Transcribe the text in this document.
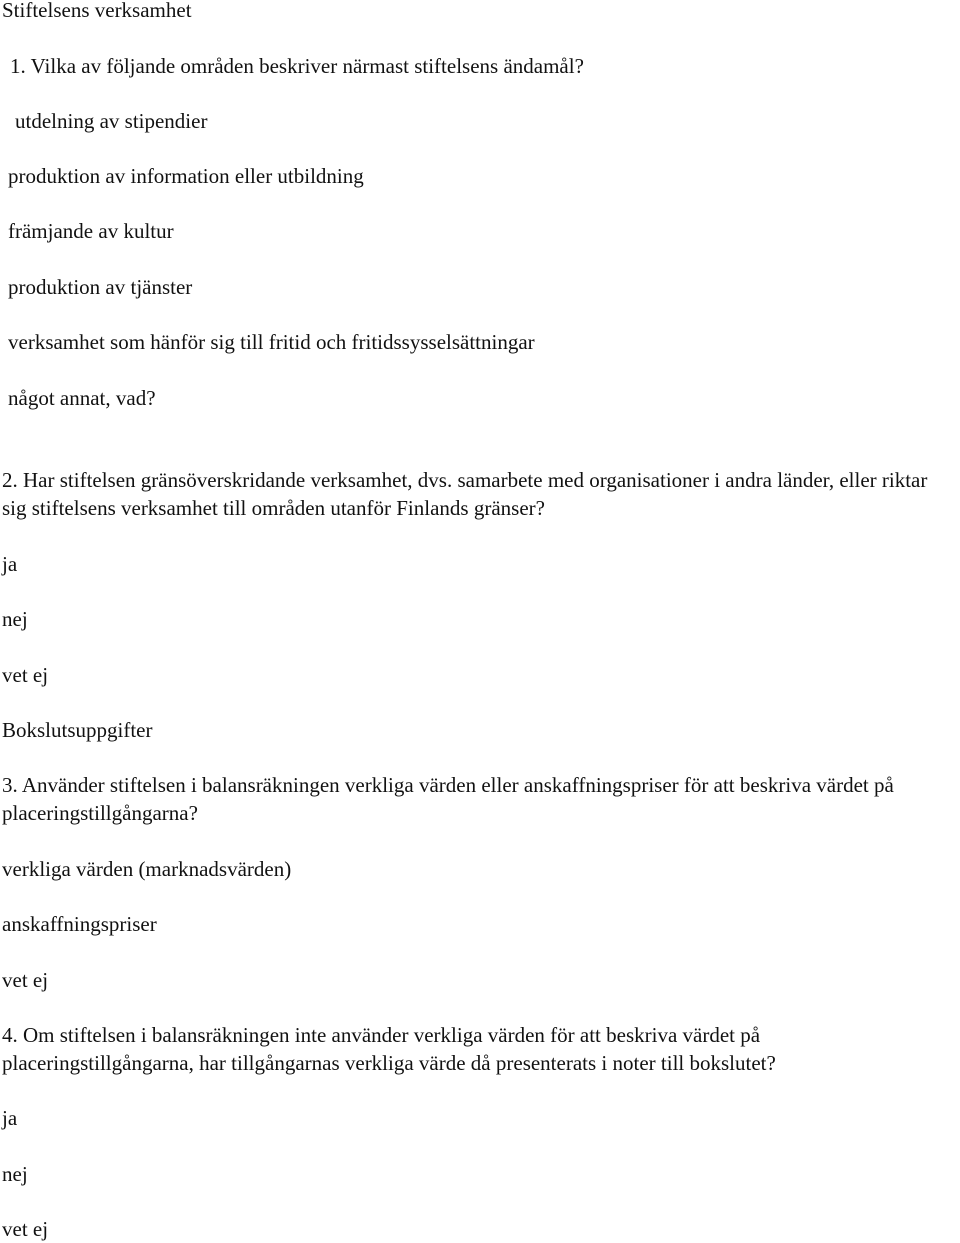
Stiftelsens verksamhet
1. Vilka av följande områden beskriver närmast stiftelsens ändamål?
utdelning av stipendier
produktion av information eller utbildning
främjande av kultur
produktion av tjänster
verksamhet som hänför sig till fritid och fritidssysselsättningar
något annat, vad?
2. Har stiftelsen gränsöverskridande verksamhet, dvs. samarbete med organisationer i andra länder, eller riktar sig stiftelsens verksamhet till områden utanför Finlands gränser?
ja
nej
vet ej
Bokslutsuppgifter
3. Använder stiftelsen i balansräkningen verkliga värden eller anskaffningspriser för att beskriva värdet på placeringstillgångarna?
verkliga värden (marknadsvärden)
anskaffningspriser
vet ej
4. Om stiftelsen i balansräkningen inte använder verkliga värden för att beskriva värdet på placeringstillgångarna, har tillgångarnas verkliga värde då presenterats i noter till bokslutet?
ja
nej
vet ej
